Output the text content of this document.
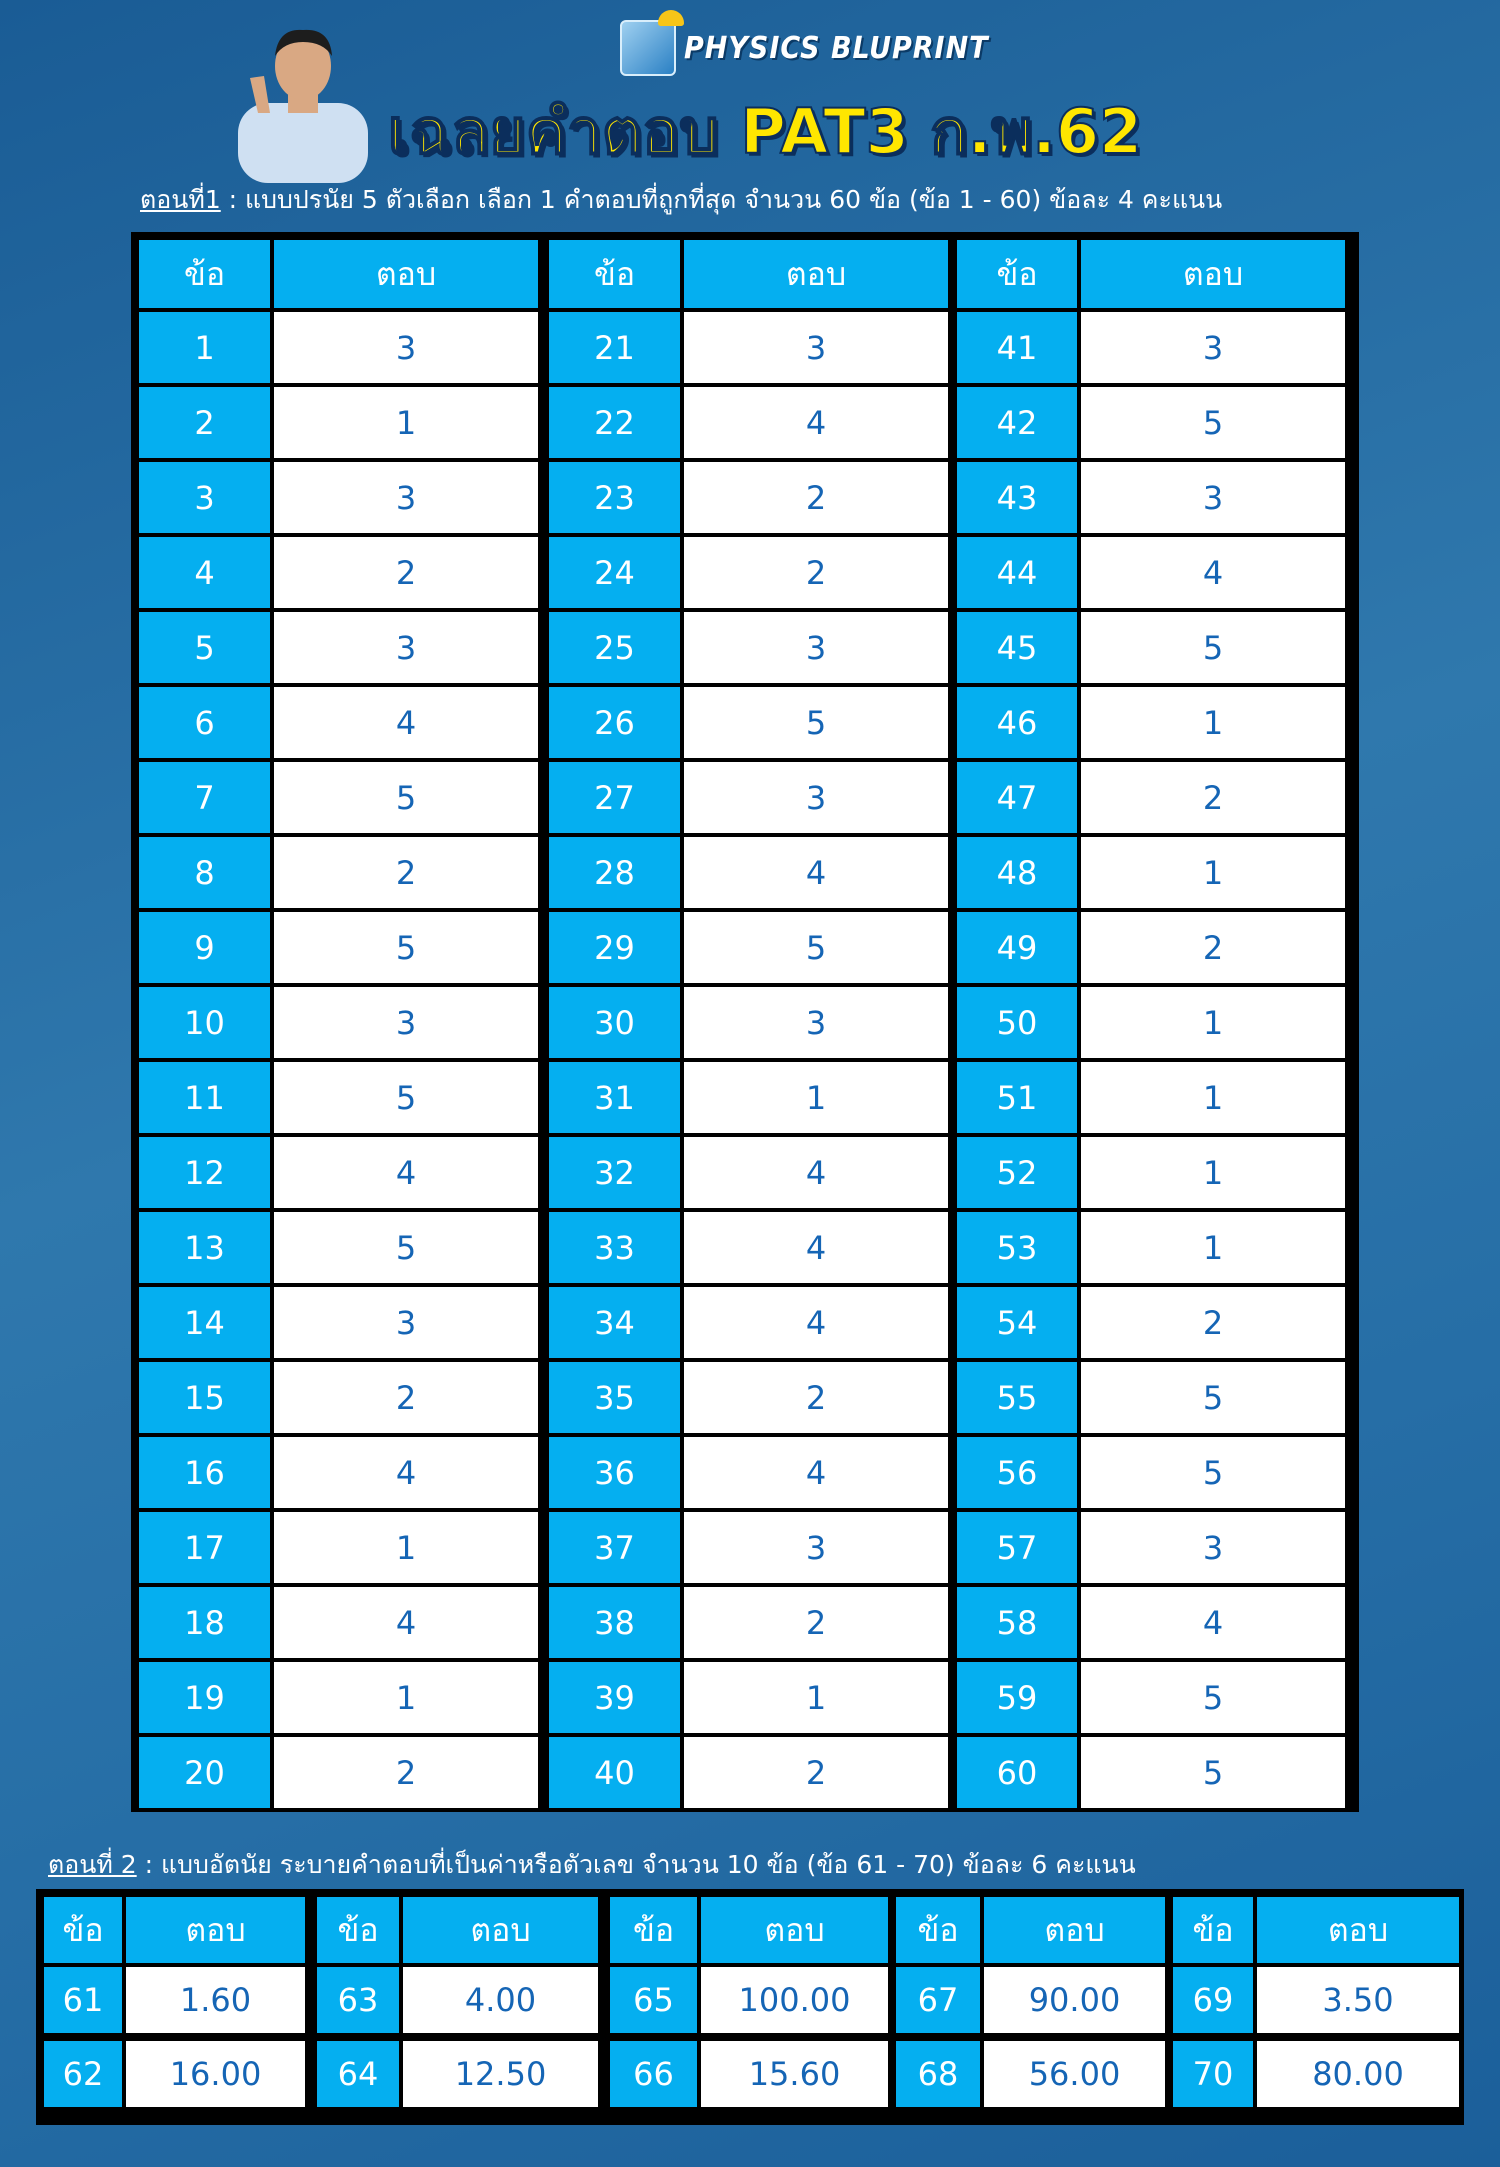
PHYSICS BLUPRINT
เฉลยคำตอบ PAT3 ก.พ.62
ตอนที่1 : แบบปรนัย 5 ตัวเลือก เลือก 1 คำตอบที่ถูกที่สุด จำนวน 60 ข้อ (ข้อ 1 - 60) ข้อละ 4 คะแนน
ข้อ	ตอบ
1	3
2	1
3	3
4	2
5	3
6	4
7	5
8	2
9	5
10	3
11	5
12	4
13	5
14	3
15	2
16	4
17	1
18	4
19	1
20	2
ข้อ	ตอบ
21	3
22	4
23	2
24	2
25	3
26	5
27	3
28	4
29	5
30	3
31	1
32	4
33	4
34	4
35	2
36	4
37	3
38	2
39	1
40	2
ข้อ	ตอบ
41	3
42	5
43	3
44	4
45	5
46	1
47	2
48	1
49	2
50	1
51	1
52	1
53	1
54	2
55	5
56	5
57	3
58	4
59	5
60	5
ตอนที่ 2 : แบบอัตนัย ระบายคำตอบที่เป็นค่าหรือตัวเลข จำนวน 10 ข้อ (ข้อ 61 - 70) ข้อละ 6 คะแนน
ข้อ	ตอบ
61	1.60
62	16.00
ข้อ	ตอบ
63	4.00
64	12.50
ข้อ	ตอบ
65	100.00
66	15.60
ข้อ	ตอบ
67	90.00
68	56.00
ข้อ	ตอบ
69	3.50
70	80.00
